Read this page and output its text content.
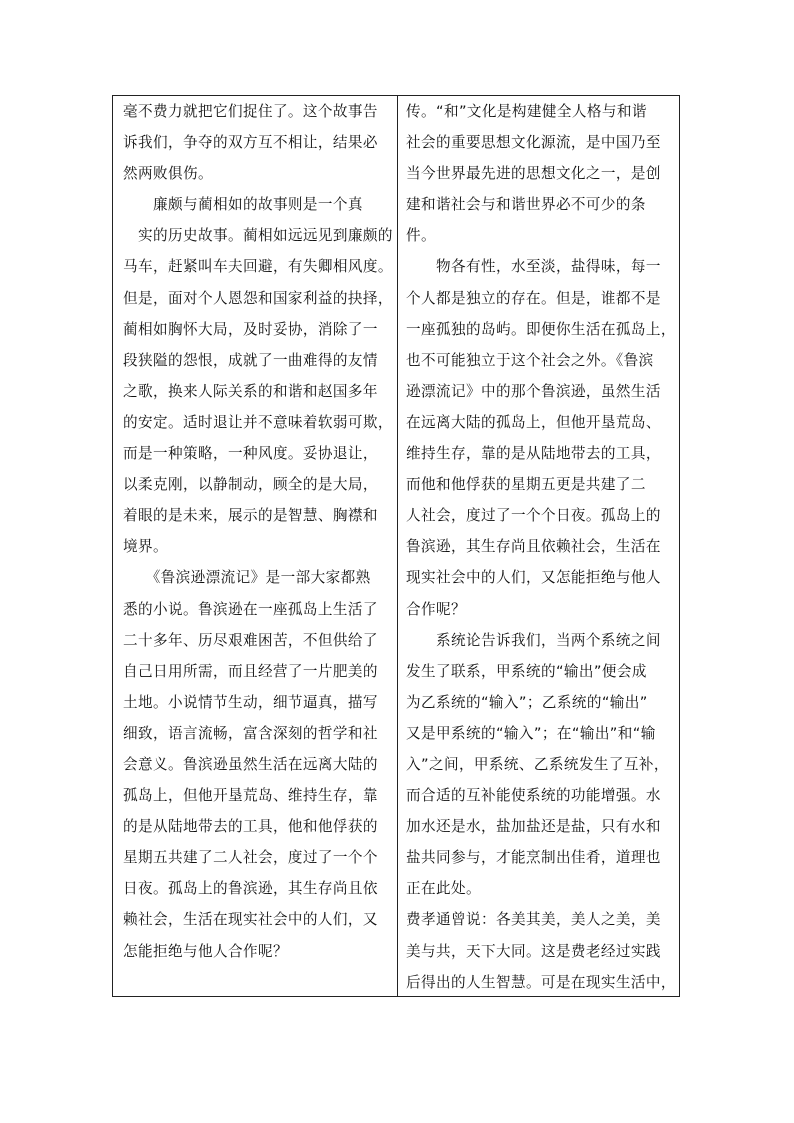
毫不费力就把它们捉住了。这个故事告
诉我们，争夺的双方互不相让，结果必
然两败俱伤。
　　廉颇与蔺相如的故事则是一个真
　实的历史故事。蔺相如远远见到廉颇的
马车，赶紧叫车夫回避，有失卿相风度。
但是，面对个人恩怨和国家利益的抉择，
蔺相如胸怀大局，及时妥协，消除了一
段狭隘的怨恨，成就了一曲难得的友情
之歌，换来人际关系的和谐和赵国多年
的安定。适时退让并不意味着软弱可欺，
而是一种策略，一种风度。妥协退让，
以柔克刚，以静制动，顾全的是大局，
着眼的是未来，展示的是智慧、胸襟和
境界。
　　《鲁滨逊漂流记》是一部大家都熟
悉的小说。鲁滨逊在一座孤岛上生活了
二十多年、历尽艰难困苦，不但供给了
自己日用所需，而且经营了一片肥美的
土地。小说情节生动，细节逼真，描写
细致，语言流畅，富含深刻的哲学和社
会意义。鲁滨逊虽然生活在远离大陆的
孤岛上，但他开垦荒岛、维持生存，靠
的是从陆地带去的工具，他和他俘获的
星期五共建了二人社会，度过了一个个
日夜。孤岛上的鲁滨逊，其生存尚且依
赖社会，生活在现实社会中的人们，又
怎能拒绝与他人合作呢？
传。“和”文化是构建健全人格与和谐
社会的重要思想文化源流，是中国乃至
当今世界最先进的思想文化之一，是创
建和谐社会与和谐世界必不可少的条
件。
　　物各有性，水至淡，盐得味，每一
个人都是独立的存在。但是，谁都不是
一座孤独的岛屿。即便你生活在孤岛上，
也不可能独立于这个社会之外。《鲁滨
逊漂流记》中的那个鲁滨逊，虽然生活
在远离大陆的孤岛上，但他开垦荒岛、
维持生存，靠的是从陆地带去的工具，
而他和他俘获的星期五更是共建了二
人社会，度过了一个个日夜。孤岛上的
鲁滨逊，其生存尚且依赖社会，生活在
现实社会中的人们，又怎能拒绝与他人
合作呢？
　　系统论告诉我们，当两个系统之间
发生了联系，甲系统的“输出”便会成
为乙系统的“输入”；乙系统的“输出”
又是甲系统的“输入”；在“输出”和“输
入”之间，甲系统、乙系统发生了互补，
而合适的互补能使系统的功能增强。水
加水还是水，盐加盐还是盐，只有水和
盐共同参与，才能烹制出佳肴，道理也
正在此处。
费孝通曾说：各美其美，美人之美，美
美与共，天下大同。这是费老经过实践
后得出的人生智慧。可是在现实生活中，
